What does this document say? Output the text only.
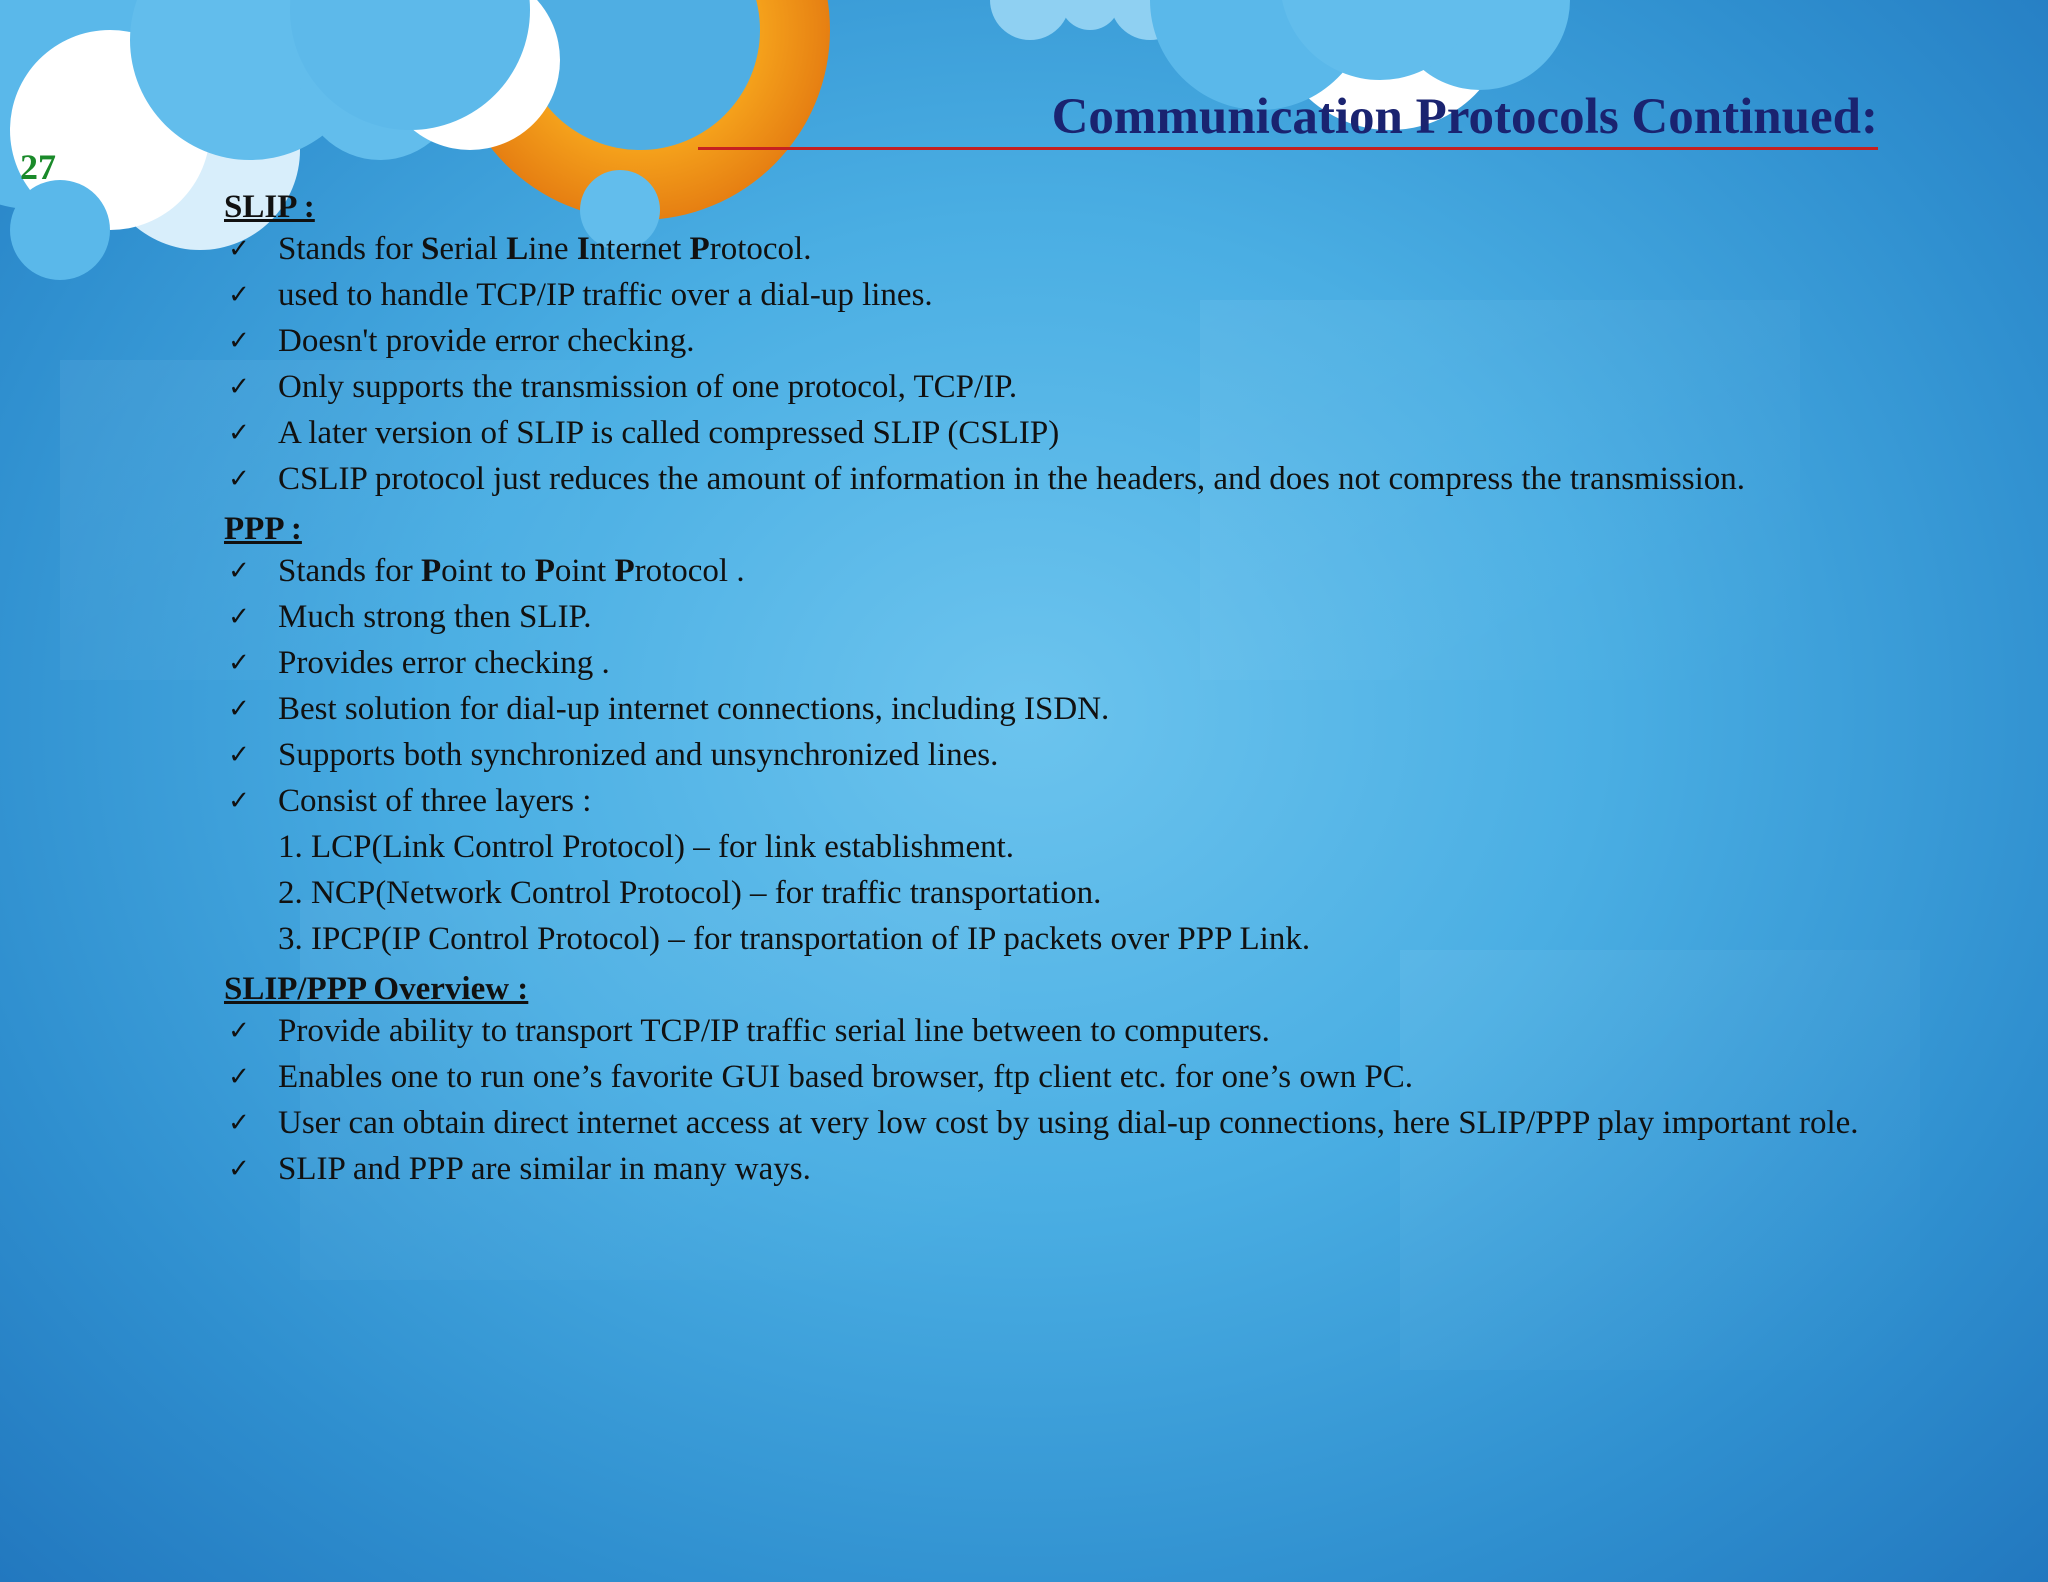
27

Communication Protocols Continued:

SLIP :

✓ Stands for Serial Line Internet Protocol.
✓ used to handle TCP/IP traffic over a dial-up lines.
✓ Doesn't provide error checking.
✓ Only supports the transmission of one protocol, TCP/IP.
✓ A later version of SLIP is called compressed SLIP (CSLIP)
✓ CSLIP protocol just reduces the amount of information in the headers, and does not compress the transmission.

PPP :

✓ Stands for Point to Point Protocol .
✓ Much strong then SLIP.
✓ Provides error checking .
✓ Best solution for dial-up internet connections, including ISDN.
✓ Supports both synchronized and unsynchronized lines.
✓ Consist of three layers :
1. LCP(Link Control Protocol) – for link establishment.
2. NCP(Network Control Protocol) – for traffic transportation.
3. IPCP(IP Control Protocol) – for transportation of IP packets over PPP Link.

SLIP/PPP Overview :

✓ Provide ability to transport TCP/IP traffic serial line between to computers.
✓ Enables one to run one’s favorite GUI based browser, ftp client etc. for one’s own PC.
✓ User can obtain direct internet access at very low cost by using dial-up connections, here SLIP/PPP play important role.
✓ SLIP and PPP are similar in many ways.
